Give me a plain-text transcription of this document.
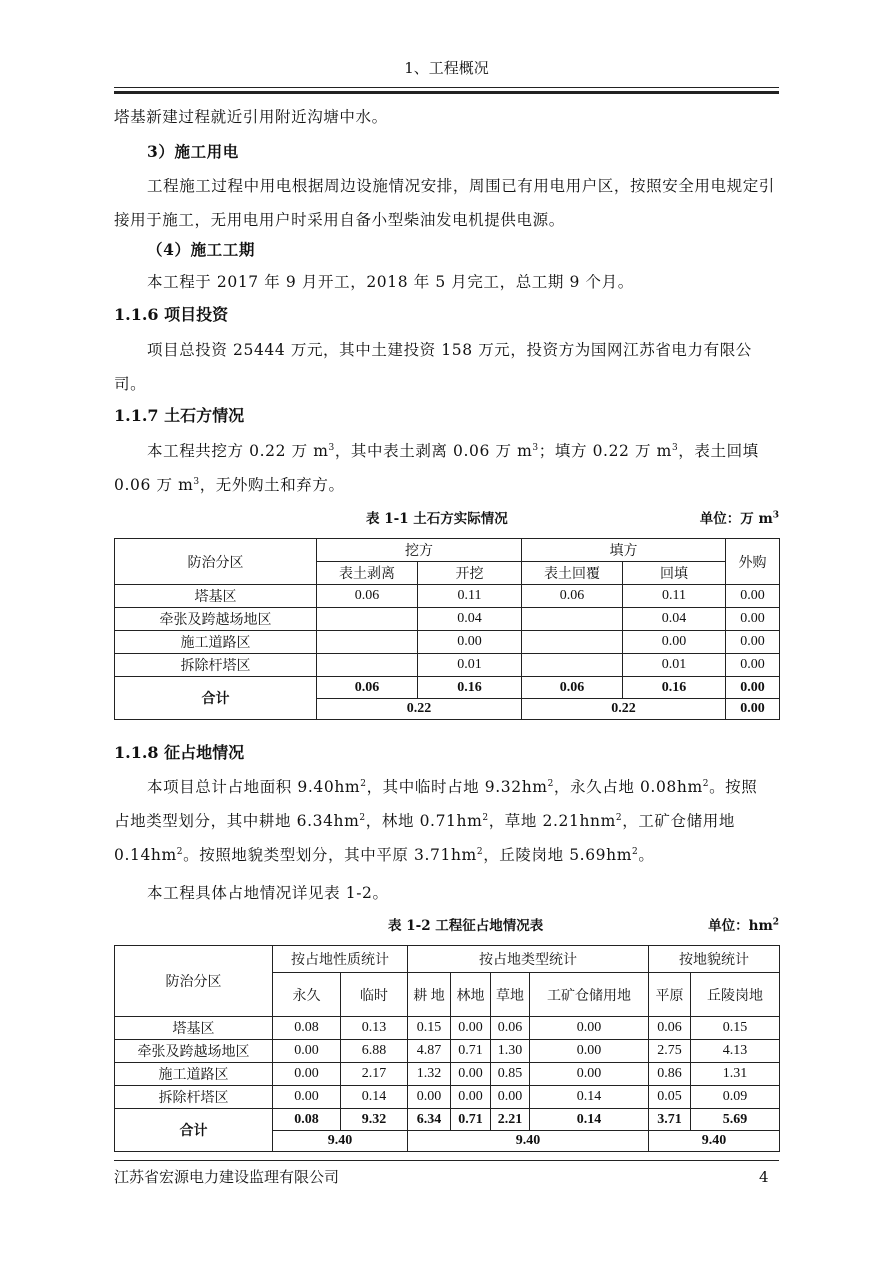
1、工程概况
塔基新建过程就近引用附近沟塘中水。
3）施工用电
工程施工过程中用电根据周边设施情况安排，周围已有用电用户区，按照安全用电规定引接用于施工，无用电用户时采用自备小型柴油发电机提供电源。
（4）施工工期
本工程于 2017 年 9 月开工，2018 年 5 月完工，总工期 9 个月。
1.1.6 项目投资
项目总投资 25444 万元，其中土建投资 158 万元，投资方为国网江苏省电力有限公司。
1.1.7 土石方情况
本工程共挖方 0.22 万 $m^3$，其中表土剥离 0.06 万 $m^3$；填方 0.22 万 $m^3$，表土回填
0.06 万 $m^3$，无外购土和弃方。
表 1-1 土石方实际情况	单位：万 $m^3$
防治分区	挖方		填方		外购
	表土剥离	开挖	表土回覆	回填	
塔基区	0.06	0.11	0.06	0.11	0.00
牵张及跨越场地区		0.04		0.04	0.00
施工道路区		0.00		0.00	0.00
拆除杆塔区		0.01		0.01	0.00
合计	0.06	0.16	0.06	0.16	0.00
	0.22		0.22		0.00
1.1.8 征占地情况
本项目总计占地面积 $9.40hm^2$，其中临时占地 $9.32hm^2$，永久占地 $0.08hm^2$。按照
占地类型划分，其中耕地 $6.34hm^2$，林地 $0.71hm^2$，草地 2.21hnm$^2$，工矿仓储用地
$0.14hm^2$。按照地貌类型划分，其中平原 $3.71hm^2$，丘陵岗地 $5.69hm^2$。
本工程具体占地情况详见表 1-2。
表 1-2 工程征占地情况表	单位：$hm^2$
防治分区	按占地性质统计		按占地类型统计				按地貌统计	
	永久	临时	耕 地	林地	草地	工矿仓储用地	平原	丘陵岗地
塔基区	0.08	0.13	0.15	0.00	0.06	0.00	0.06	0.15
牵张及跨越场地区	0.00	6.88	4.87	0.71	1.30	0.00	2.75	4.13
施工道路区	0.00	2.17	1.32	0.00	0.85	0.00	0.86	1.31
拆除杆塔区	0.00	0.14	0.00	0.00	0.00	0.14	0.05	0.09
合计	0.08	9.32	6.34	0.71	2.21	0.14	3.71	5.69
	9.40		9.40				9.40	
江苏省宏源电力建设监理有限公司	4
